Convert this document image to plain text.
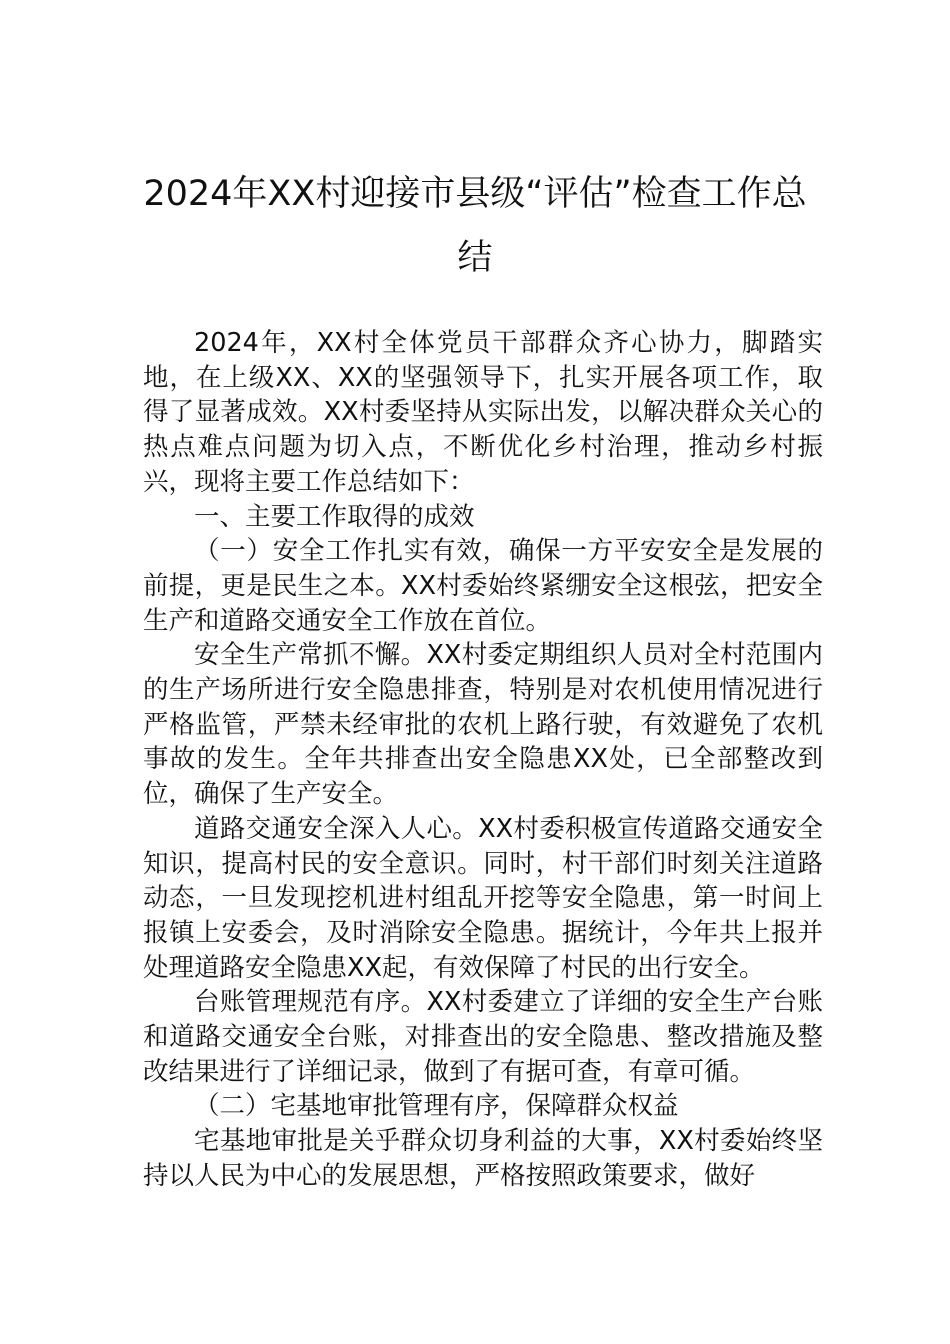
2024年XX村迎接市县级“评估”检查工作总结

2024年，XX村全体党员干部群众齐心协力，脚踏实地，在上级XX、XX的坚强领导下，扎实开展各项工作，取得了显著成效。XX村委坚持从实际出发，以解决群众关心的热点难点问题为切入点，不断优化乡村治理，推动乡村振兴，现将主要工作总结如下：

一、主要工作取得的成效

（一）安全工作扎实有效，确保一方平安安全是发展的前提，更是民生之本。XX村委始终紧绷安全这根弦，把安全生产和道路交通安全工作放在首位。

安全生产常抓不懈。XX村委定期组织人员对全村范围内的生产场所进行安全隐患排查，特别是对农机使用情况进行严格监管，严禁未经审批的农机上路行驶，有效避免了农机事故的发生。全年共排查出安全隐患XX处，已全部整改到位，确保了生产安全。

道路交通安全深入人心。XX村委积极宣传道路交通安全知识，提高村民的安全意识。同时，村干部们时刻关注道路动态，一旦发现挖机进村组乱开挖等安全隐患，第一时间上报镇上安委会，及时消除安全隐患。据统计，今年共上报并处理道路安全隐患XX起，有效保障了村民的出行安全。

台账管理规范有序。XX村委建立了详细的安全生产台账和道路交通安全台账，对排查出的安全隐患、整改措施及整改结果进行了详细记录，做到了有据可查，有章可循。

（二）宅基地审批管理有序，保障群众权益

宅基地审批是关乎群众切身利益的大事，XX村委始终坚持以人民为中心的发展思想，严格按照政策要求，做好
